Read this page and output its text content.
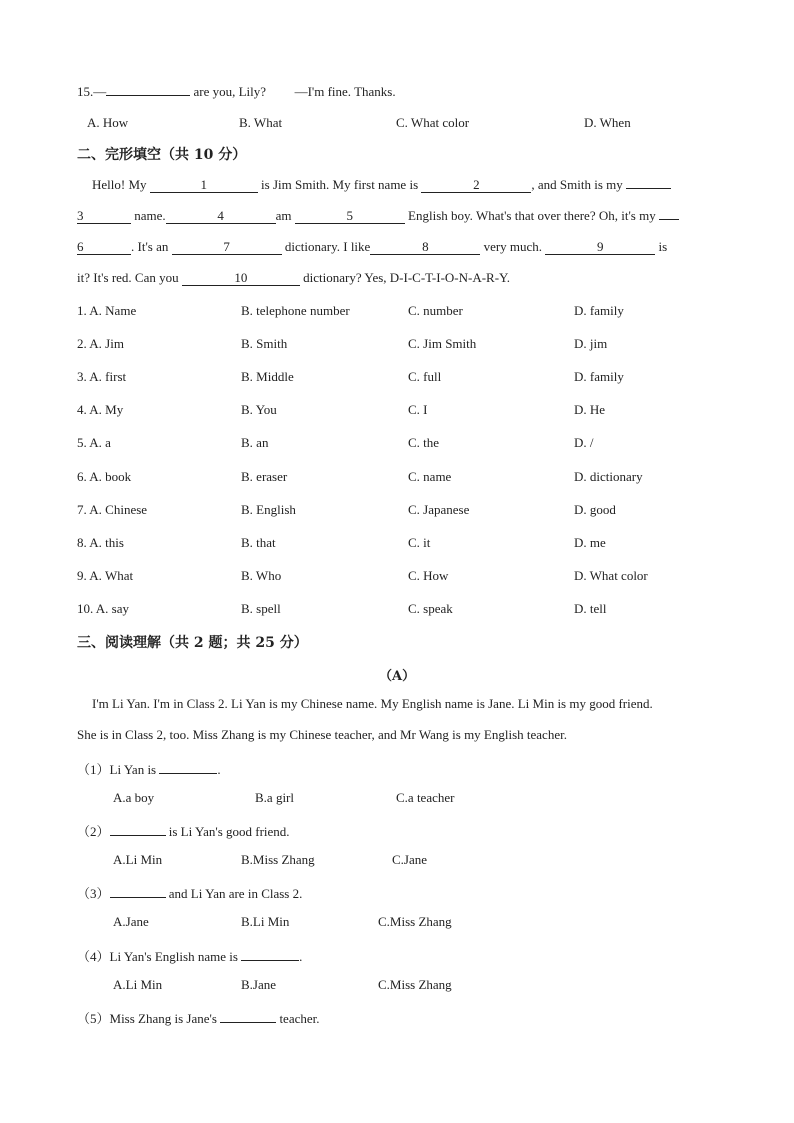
15.—	are you, Lily? —I'm fine. Thanks.
A. How	B. What	C. What color	D. When
二、完形填空（共 10 分）
Hello! My	1	is Jim Smith. My first name is	2	, and Smith is my
3	name.	4	am	5	English boy. What's that over there? Oh, it's my
6	. It's an	7	dictionary. I like	8	very much.	9	is
it? It's red. Can you	10	dictionary? Yes, D-I-C-T-I-O-N-A-R-Y.
1. A. Name	B. telephone number	C. number	D. family
2. A. Jim	B. Smith	C. Jim Smith	D. jim
3. A. first	B. Middle	C. full	D. family
4. A. My	B. You	C. I	D. He
5. A. a	B. an	C. the	D. /
6. A. book	B. eraser	C. name	D. dictionary
7. A. Chinese	B. English	C. Japanese	D. good
8. A. this	B. that	C. it	D. me
9. A. What	B. Who	C. How	D. What color
10. A. say	B. spell	C. speak	D. tell
三、阅读理解（共 2 题；共 25 分）
（A）
I'm Li Yan. I'm in Class 2. Li Yan is my Chinese name. My English name is Jane. Li Min is my good friend.
She is in Class 2, too. Miss Zhang is my Chinese teacher, and Mr Wang is my English teacher.
（1）Li Yan is	.
A.a boy	B.a girl	C.a teacher
（2）	is Li Yan's good friend.
A.Li Min	B.Miss Zhang	C.Jane
（3）	and Li Yan are in Class 2.
A.Jane	B.Li Min	C.Miss Zhang
（4）Li Yan's English name is	.
A.Li Min	B.Jane	C.Miss Zhang
（5）Miss Zhang is Jane's	teacher.
